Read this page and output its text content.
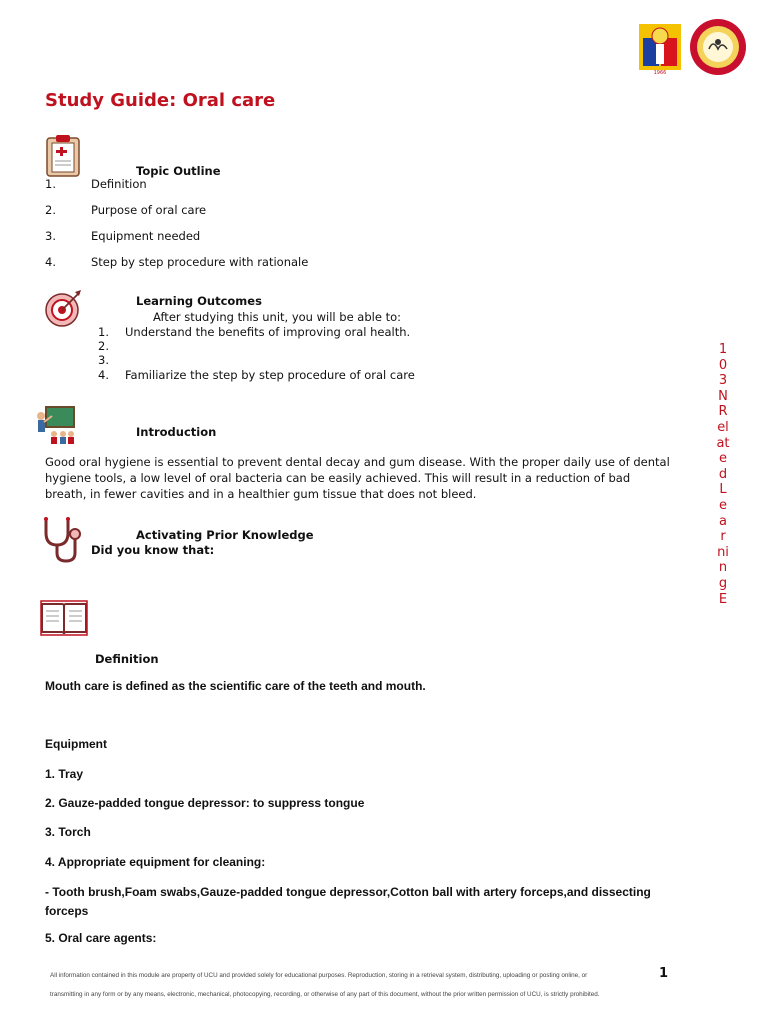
1966
Study Guide: Oral care
Topic Outline
1.	Definition
2.	Purpose of oral care
3.	Equipment needed
4.	Step by step procedure with rationale
Learning Outcomes
After studying this unit, you will be able to:
1. Understand the benefits of improving oral health.
2.
3.
4. Familiarize the step by step procedure of oral care
Introduction
Good oral hygiene is essential to prevent dental decay and gum disease. With the proper daily use of dental
hygiene tools, a low level of oral bacteria can be easily achieved. This will result in a reduction of bad
breath, in fewer cavities and in a healthier gum tissue that does not bleed.
Activating Prior Knowledge
Did you know that:
Definition
Mouth care is defined as the scientific care of the teeth and mouth.
Equipment
1. Tray
2. Gauze-padded tongue depressor: to suppress tongue
3. Torch
4. Appropriate equipment for cleaning:
- Tooth brush,Foam swabs,Gauze-padded tongue depressor,Cotton ball with artery forceps,and dissecting
forceps
5. Oral care agents:
1
0
3
N
R
el
at
e
d
L
e
a
r
ni
n
g
E
All information contained in this module are property of UCU and provided solely for educational purposes. Reproduction, storing in a retrieval system, distributing, uploading or posting online, or
transmitting in any form or by any means, electronic, mechanical, photocopying, recording, or otherwise of any part of this document, without the prior written permission of UCU, is strictly prohibited.
1
